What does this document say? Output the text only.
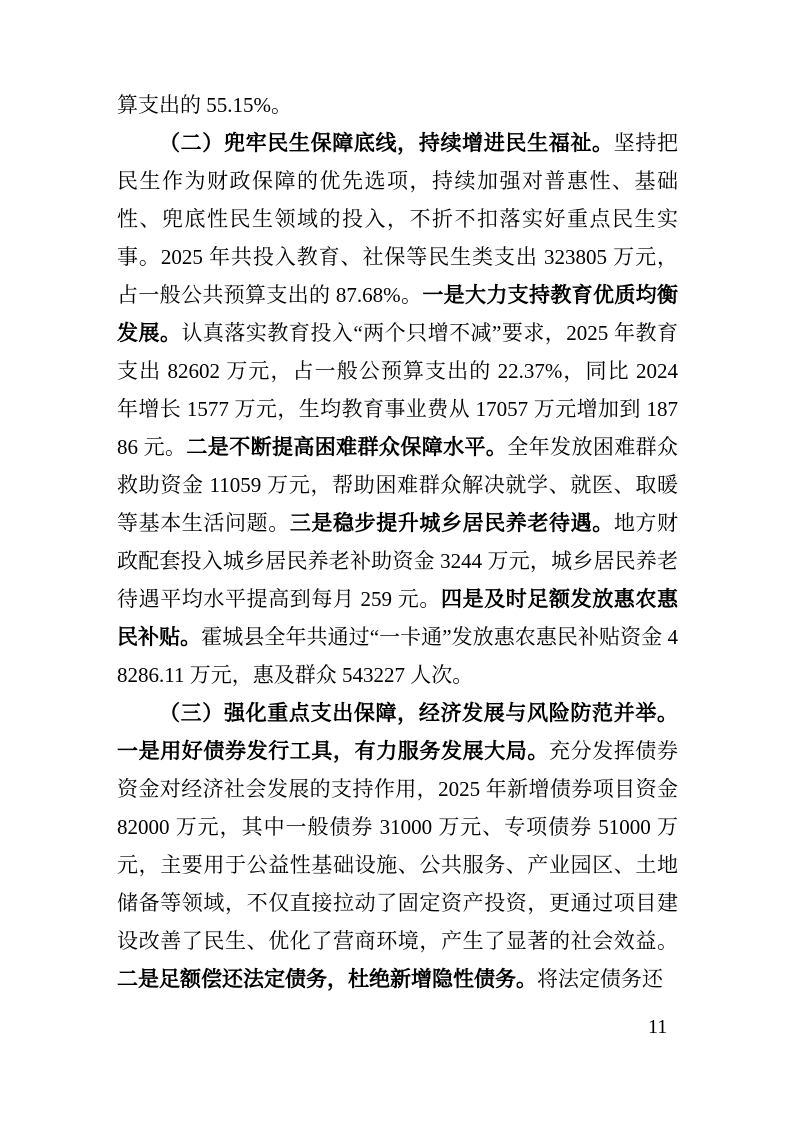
算支出的 55.15%。

（二）兜牢民生保障底线，持续增进民生福祉。坚持把民生作为财政保障的优先选项，持续加强对普惠性、基础性、兜底性民生领域的投入，不折不扣落实好重点民生实事。2025 年共投入教育、社保等民生类支出 323805 万元，占一般公共预算支出的 87.68%。一是大力支持教育优质均衡发展。认真落实教育投入“两个只增不减”要求，2025 年教育支出 82602 万元，占一般公预算支出的 22.37%，同比 2024 年增长 1577 万元，生均教育事业费从 17057 万元增加到 18786 元。二是不断提高困难群众保障水平。全年发放困难群众救助资金 11059 万元，帮助困难群众解决就学、就医、取暖等基本生活问题。三是稳步提升城乡居民养老待遇。地方财政配套投入城乡居民养老补助资金 3244 万元，城乡居民养老待遇平均水平提高到每月 259 元。四是及时足额发放惠农惠民补贴。霍城县全年共通过“一卡通”发放惠农惠民补贴资金 48286.11 万元，惠及群众 543227 人次。

（三）强化重点支出保障，经济发展与风险防范并举。一是用好债券发行工具，有力服务发展大局。充分发挥债券资金对经济社会发展的支持作用，2025 年新增债券项目资金 82000 万元，其中一般债券 31000 万元、专项债券 51000 万元，主要用于公益性基础设施、公共服务、产业园区、土地储备等领域，不仅直接拉动了固定资产投资，更通过项目建设改善了民生、优化了营商环境，产生了显著的社会效益。二是足额偿还法定债务，杜绝新增隐性债务。将法定债务还

11
